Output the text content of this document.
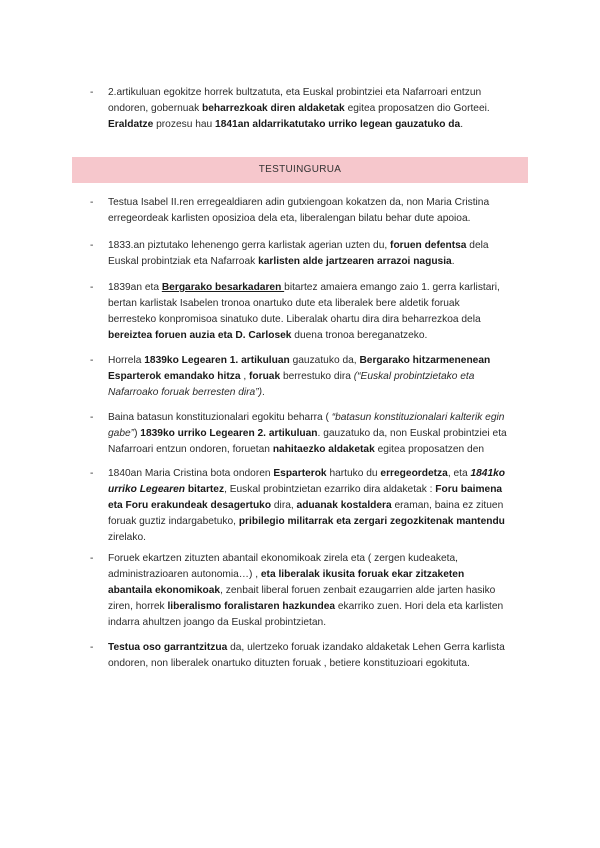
-	2.artikuluan egokitze horrek bultzatuta, eta Euskal probintziei eta Nafarroari entzun ondoren, gobernuak beharrezkoak diren aldaketak egitea proposatzen dio Gorteei. Eraldatze prozesu hau 1841an aldarrikatutako urriko legean gauzatuko da.
TESTUINGURUA
-	Testua Isabel II.ren erregealdiaren adin gutxiengoan kokatzen da, non Maria Cristina erregeordeak karlisten oposizioa dela eta, liberalengan bilatu behar dute apoioa.
-	1833.an piztutako lehenengo gerra karlistak agerian uzten du, foruen defentsa dela Euskal probintziak eta Nafarroak karlisten alde jartzearen arrazoi nagusia.
-	1839an eta Bergarako besarkadaren bitartez amaiera emango zaio 1. gerra karlistari, bertan karlistak Isabelen tronoa onartuko dute eta liberalek bere aldetik foruak berresteko konpromisoa sinatuko dute. Liberalak ohartu dira dira beharrezkoa dela bereiztea foruen auzia eta D. Carlosek duena tronoa bereganatzeko.
-	Horrela 1839ko Legearen 1. artikuluan gauzatuko da, Bergarako hitzarmenenean Esparterok emandako hitza , foruak berrestuko dira (“Euskal probintzietako eta Nafarroako foruak berresten dira”).
-	Baina batasun konstituzionalari egokitu beharra ( “batasun konstituzionalari kalterik egin gabe”) 1839ko urriko Legearen 2. artikuluan. gauzatuko da, non Euskal probintziei eta Nafarroari entzun ondoren, foruetan nahitaezko aldaketak egitea proposatzen den
-	1840an Maria Cristina bota ondoren Esparterok hartuko du erregeordetza, eta 1841ko urriko Legearen bitartez, Euskal probintzietan ezarriko dira aldaketak : Foru baimena eta Foru erakundeak desagertuko dira, aduanak kostaldera eraman, baina ez zituen foruak guztiz indargabetuko, pribilegio militarrak eta zergari zegozkitenak mantendu zirelako.
-	Foruek ekartzen zituzten abantail ekonomikoak zirela eta ( zergen kudeaketa, administrazioaren autonomia…) , eta liberalak ikusita foruak ekar zitzaketen abantaila ekonomikoak, zenbait liberal foruen zenbait ezaugarrien alde jarten hasiko ziren, horrek liberalismo foralistaren hazkundea ekarriko zuen. Hori dela eta karlisten indarra ahultzen joango da Euskal probintzietan.
-	Testua oso garrantzitzua da, ulertzeko foruak izandako aldaketak Lehen Gerra karlista ondoren, non liberalek onartuko dituzten foruak , betiere konstituzioari egokituta.
